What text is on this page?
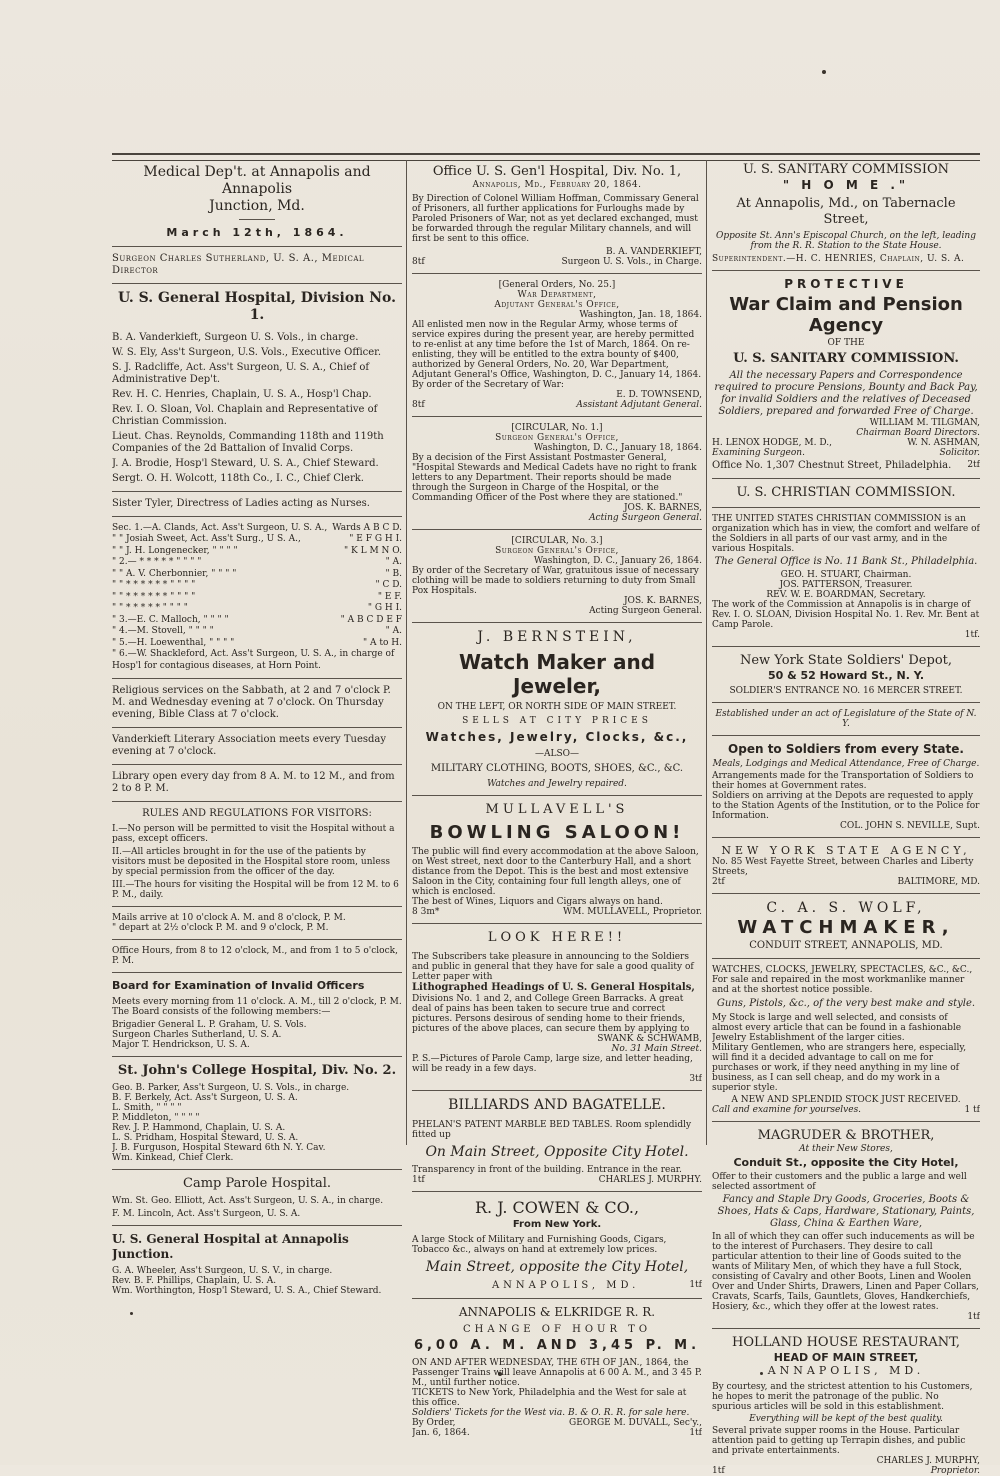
Medical Dep't. at Annapolis and Annapolis

Junction, Md.

March 12th, 1864.

Surgeon Charles Sutherland, U. S. A., Medical Director

U. S. General Hospital, Division No. 1.

B. A. Vanderkieft, Surgeon U. S. Vols., in charge.

W. S. Ely, Ass't Surgeon, U.S. Vols., Executive Officer.

S. J. Radcliffe, Act. Ass't Surgeon, U. S. A., Chief of Administrative Dep't.

Rev. H. C. Henries, Chaplain, U. S. A., Hosp'l Chap.

Rev. I. O. Sloan, Vol. Chaplain and Representative of Christian Commission.

Lieut. Chas. Reynolds, Commanding 118th and 119th Companies of the 2d Battalion of Invalid Corps.

J. A. Brodie, Hosp'l Steward, U. S. A., Chief Steward.

Sergt. O. H. Wolcott, 118th Co., I. C., Chief Clerk.

Sister Tyler, Directress of Ladies acting as Nurses.

Sec. 1.—A. Clands, Act. Ass't Surgeon, U. S. A.,	Wards A B C D.
" " Josiah Sweet, Act. Ass't Surg., U S. A.,	" E F G H I.
" " J. H. Longenecker, " " " "	" K L M N O.
" 2.— * * * * * " " " "	" A.
" " A. V. Cherbonnier, " " " "	" B.
" " * * * * * * " " " "	" C D.
" " * * * * * * " " " "	" E F.
" " * * * * * " " " "	" G H I.
" 3.—E. C. Malloch, " " " "	" A B C D E F
" 4.—M. Stovell, " " " "	" A.
" 5.—H. Loewenthal, " " " "	" A to H.
" 6.—W. Shackleford, Act. Ass't Surgeon, U. S. A., in charge of Hosp'l for contagious diseases, at Horn Point.	

Religious services on the Sabbath, at 2 and 7 o'clock P. M. and Wednesday evening at 7 o'clock. On Thursday evening, Bible Class at 7 o'clock.

Vanderkieft Literary Association meets every Tuesday evening at 7 o'clock.

Library open every day from 8 A. M. to 12 M., and from 2 to 8 P. M.

RULES AND REGULATIONS FOR VISITORS:

I.—No person will be permitted to visit the Hospital without a pass, except officers.

II.—All articles brought in for the use of the patients by visitors must be deposited in the Hospital store room, unless by special permission from the officer of the day.

III.—The hours for visiting the Hospital will be from 12 M. to 6 P. M., daily.

Mails arrive at 10 o'clock A. M. and 8 o'clock, P. M.

" depart at 2½ o'clock P. M. and 9 o'clock, P. M.

Office Hours, from 8 to 12 o'clock, M., and from 1 to 5 o'clock, P. M.

Board for Examination of Invalid Officers

Meets every morning from 11 o'clock. A. M., till 2 o'clock, P. M. The Board consists of the following members:—

Brigadier General L. P. Graham, U. S. Vols.

Surgeon Charles Sutherland, U. S. A.

Major T. Hendrickson, U. S. A.

St. John's College Hospital, Div. No. 2.

Geo. B. Parker, Ass't Surgeon, U. S. Vols., in charge.

B. F. Berkely, Act. Ass't Surgeon, U. S. A.

L. Smith, " " " "

P. Middleton, " " " "

Rev. J. P. Hammond, Chaplain, U. S. A.

L. S. Pridham, Hospital Steward, U. S. A.

J. B. Furguson, Hospital Steward 6th N. Y. Cav.

Wm. Kinkead, Chief Clerk.

Camp Parole Hospital.

Wm. St. Geo. Elliott, Act. Ass't Surgeon, U. S. A., in charge.

F. M. Lincoln, Act. Ass't Surgeon, U. S. A.

U. S. General Hospital at Annapolis Junction.

G. A. Wheeler, Ass't Surgeon, U. S. V., in charge.

Rev. B. F. Phillips, Chaplain, U. S. A.

Wm. Worthington, Hosp'l Steward, U. S. A., Chief Steward.

Office U. S. Gen'l Hospital, Div. No. 1,

Annapolis, Md., February 20, 1864.

By Direction of Colonel William Hoffman, Commissary General of Prisoners, all further applications for Furloughs made by Paroled Prisoners of War, not as yet declared exchanged, must be forwarded through the regular Military channels, and will first be sent to this office.

B. A. VANDERKIEFT,

8tf	Surgeon U. S. Vols., in Charge.

[General Orders, No. 25.]

War Department,

Adjutant General's Office,

Washington, Jan. 18, 1864.

All enlisted men now in the Regular Army, whose terms of service expires during the present year, are hereby permitted to re-enlist at any time before the 1st of March, 1864. On re-enlisting, they will be entitled to the extra bounty of $400, authorized by General Orders, No. 20, War Department, Adjutant General's Office, Washington, D. C., January 14, 1864.

By order of the Secretary of War:

E. D. TOWNSEND,

8tf	Assistant Adjutant General.

[CIRCULAR, No. 1.]

Surgeon General's Office,

Washington, D. C., January 18, 1864.

By a decision of the First Assistant Postmaster General, "Hospital Stewards and Medical Cadets have no right to frank letters to any Department. Their reports should be made through the Surgeon in Charge of the Hospital, or the Commanding Officer of the Post where they are stationed."

JOS. K. BARNES,

Acting Surgeon General.

[CIRCULAR, No. 3.]

Surgeon General's Office,

Washington, D. C., January 26, 1864.

By order of the Secretary of War, gratuitous issue of necessary clothing will be made to soldiers returning to duty from Small Pox Hospitals.

JOS. K. BARNES,

Acting Surgeon General.

J. BERNSTEIN,

Watch Maker and Jeweler,

ON THE LEFT, OR NORTH SIDE OF MAIN STREET.

SELLS AT CITY PRICES

Watches, Jewelry, Clocks, &c.,

—ALSO—

MILITARY CLOTHING, BOOTS, SHOES, &C., &C.

Watches and Jewelry repaired.

MULLAVELL'S

BOWLING SALOON!

The public will find every accommodation at the above Saloon, on West street, next door to the Canterbury Hall, and a short distance from the Depot. This is the best and most extensive Saloon in the City, containing four full length alleys, one of which is enclosed.

The best of Wines, Liquors and Cigars always on hand.

8 3m*	WM. MULLAVELL, Proprietor.

LOOK HERE!!

The Subscribers take pleasure in announcing to the Soldiers and public in general that they have for sale a good quality of Letter paper with

Lithographed Headings of U. S. General Hospitals,

Divisions No. 1 and 2, and College Green Barracks. A great deal of pains has been taken to secure true and correct pictures. Persons desirous of sending home to their friends, pictures of the above places, can secure them by applying to

SWANK & SCHWAMB,

No. 31 Main Street.

P. S.—Pictures of Parole Camp, large size, and letter heading, will be ready in a few days.

3tf

BILLIARDS AND BAGATELLE.

PHELAN'S PATENT MARBLE BED TABLES. Room splendidly fitted up

On Main Street, Opposite City Hotel.

Transparency in front of the building. Entrance in the rear.

1tf	CHARLES J. MURPHY.

R. J. COWEN & CO.,

From New York.

A large Stock of Military and Furnishing Goods, Cigars, Tobacco &c., always on hand at extremely low prices.

Main Street, opposite the City Hotel,

ANNAPOLIS, MD.	1tf

ANNAPOLIS & ELKRIDGE R. R.

CHANGE OF HOUR TO

6,00 A. M. AND 3,45 P. M.

ON AND AFTER WEDNESDAY, THE 6TH OF JAN., 1864, the Passenger Trains will leave Annapolis at 6 00 A. M., and 3 45 P. M., until further notice.

TICKETS to New York, Philadelphia and the West for sale at this office.

Soldiers' Tickets for the West via. B. & O. R. R. for sale here.

By Order,	GEORGE M. DUVALL, Sec'y.,
Jan. 6, 1864.	1tf

U. S. SANITARY COMMISSION

" H O M E ."

At Annapolis, Md., on Tabernacle Street,

Opposite St. Ann's Episcopal Church, on the left, leading from the R. R. Station to the State House.

Superintendent.—H. C. HENRIES, Chaplain, U. S. A.

PROTECTIVE

War Claim and Pension Agency

OF THE

U. S. SANITARY COMMISSION.

All the necessary Papers and Correspondence required to procure Pensions, Bounty and Back Pay, for invalid Soldiers and the relatives of Deceased Soldiers, prepared and forwarded Free of Charge.

WILLIAM M. TILGMAN,

Chairman Board Directors.

H. LENOX HODGE, M. D.,	W. N. ASHMAN,
Examining Surgeon.	Solicitor.
Office No. 1,307 Chestnut Street, Philadelphia. 2tf

U. S. CHRISTIAN COMMISSION.

THE UNITED STATES CHRISTIAN COMMISSION is an organization which has in view, the comfort and welfare of the Soldiers in all parts of our vast army, and in the various Hospitals.

The General Office is No. 11 Bank St., Philadelphia.

GEO. H. STUART, Chairman.

JOS. PATTERSON, Treasurer.

REV. W. E. BOARDMAN, Secretary.

The work of the Commission at Annapolis is in charge of Rev. I. O. SLOAN, Division Hospital No. 1. Rev. Mr. Bent at Camp Parole.

1tf.

New York State Soldiers' Depot,

50 & 52 Howard St., N. Y.

SOLDIER'S ENTRANCE NO. 16 MERCER STREET.

Established under an act of Legislature of the State of N. Y.

Open to Soldiers from every State.

Meals, Lodgings and Medical Attendance, Free of Charge.

Arrangements made for the Transportation of Soldiers to their homes at Government rates.

Soldiers on arriving at the Depots are requested to apply to the Station Agents of the Institution, or to the Police for Information.

COL. JOHN S. NEVILLE, Supt.

NEW YORK STATE AGENCY,

No. 85 West Fayette Street, between Charles and Liberty Streets,

2tf	BALTIMORE, MD.

C. A. S. WOLF,

WATCHMAKER,

CONDUIT STREET, ANNAPOLIS, MD.

WATCHES, CLOCKS, JEWELRY, SPECTACLES, &C., &C., For sale and repaired in the most workmanlike manner and at the shortest notice possible.

Guns, Pistols, &c., of the very best make and style.

My Stock is large and well selected, and consists of almost every article that can be found in a fashionable Jewelry Establishment of the larger cities.

Military Gentlemen, who are strangers here, especially, will find it a decided advantage to call on me for purchases or work, if they need anything in my line of business, as I can sell cheap, and do my work in a superior style.

A NEW AND SPLENDID STOCK JUST RECEIVED.

Call and examine for yourselves.	1 tf

MAGRUDER & BROTHER,

At their New Stores,

Conduit St., opposite the City Hotel,

Offer to their customers and the public a large and well selected assortment of

Fancy and Staple Dry Goods, Groceries, Boots & Shoes, Hats & Caps, Hardware, Stationary, Paints, Glass, China & Earthen Ware,

In all of which they can offer such inducements as will be to the interest of Purchasers. They desire to call particular attention to their line of Goods suited to the wants of Military Men, of which they have a full Stock, consisting of Cavalry and other Boots, Linen and Woolen Over and Under Shirts, Drawers, Linen and Paper Collars, Cravats, Scarfs, Tails, Gauntlets, Gloves, Handkerchiefs, Hosiery, &c., which they offer at the lowest rates.

1tf

HOLLAND HOUSE RESTAURANT,

HEAD OF MAIN STREET,

ANNAPOLIS, MD.

By courtesy, and the strictest attention to his Customers, he hopes to merit the patronage of the public. No spurious articles will be sold in this establishment.

Everything will be kept of the best quality.

Several private supper rooms in the House. Particular attention paid to getting up Terrapin dishes, and public and private entertainments.

CHARLES J. MURPHY,

1tf	Proprietor.
